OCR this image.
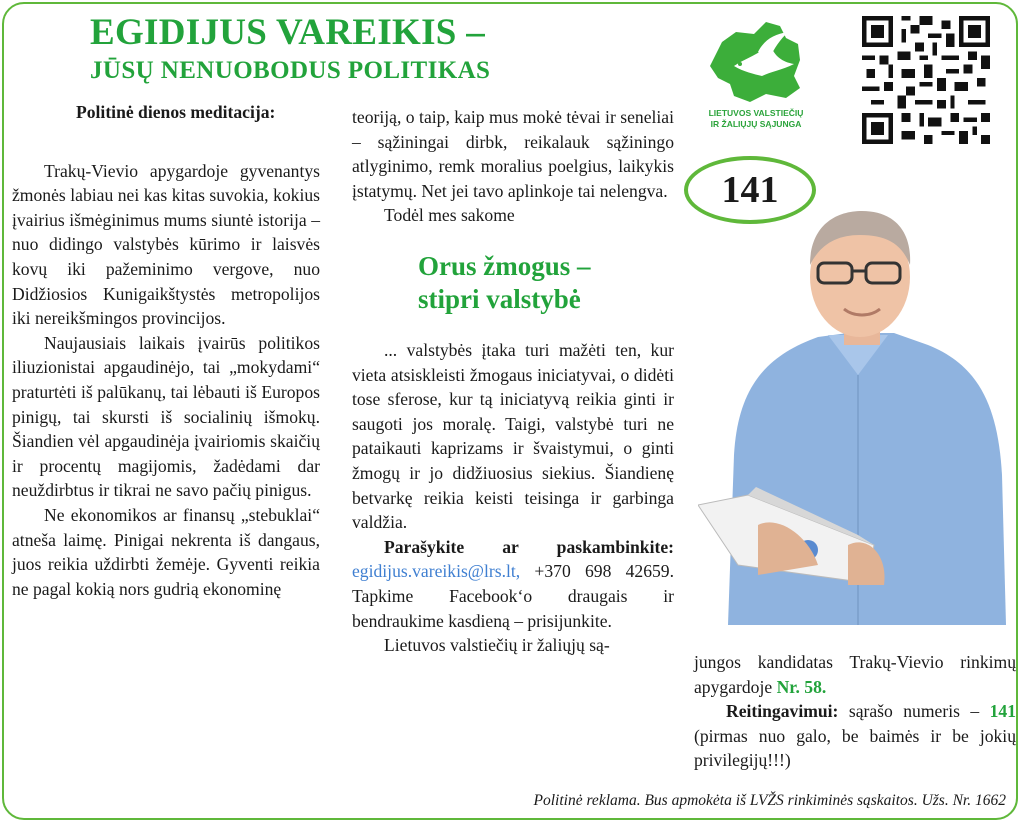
EGIDIJUS VAREIKIS –
JŪSŲ NENUOBODUS POLITIKAS
LIETUVOS VALSTIEČIŲ
IR ŽALIŲJŲ SĄJUNGA
141

Politinė dienos meditacija:

Trakų-Vievio apygardoje gyvenantys žmonės labiau nei kas kitas suvokia, kokius įvairius išmėginimus mums siuntė istorija – nuo didingo valstybės kūrimo ir laisvės kovų iki pažeminimo vergove, nuo Didžiosios Kunigaikštystės metropolijos iki nereikšmingos provincijos.

Naujausiais laikais įvairūs politikos iliuzionistai apgaudinėjo, tai „mokydami“ praturtėti iš palūkanų, tai lėbauti iš Europos pinigų, tai skursti iš socialinių išmokų. Šiandien vėl apgaudinėja įvairiomis skaičių ir procentų magijomis, žadėdami dar neuždirbtus ir tikrai ne savo pačių pinigus.

Ne ekonomikos ar finansų „stebuklai“ atneša laimę. Pinigai nekrenta iš dangaus, juos reikia uždirbti žemėje. Gyventi reikia ne pagal kokią nors gudrią ekonominę

teoriją, o taip, kaip mus mokė tėvai ir seneliai – sąžiningai dirbk, reikalauk sąžiningo atlyginimo, remk moralius poelgius, laikykis įstatymų. Net jei tavo aplinkoje tai nelengva.

Todėl mes sakome

Orus žmogus –
stipri valstybė

... valstybės įtaka turi mažėti ten, kur vieta atsiskleisti žmogaus iniciatyvai, o didėti tose sferose, kur tą iniciatyvą reikia ginti ir saugoti jos moralę. Taigi, valstybė turi ne pataikauti kaprizams ir švaistymui, o ginti žmogų ir jo didžiuosius siekius. Šiandienę betvarkę reikia keisti teisinga ir garbinga valdžia.

Parašykite ar paskambinkite: egidijus.vareikis@lrs.lt, +370 698 42659. Tapkime Facebook‘o draugais ir bendraukime kasdieną – prisijunkite.

Lietuvos valstiečių ir žaliųjų są-

jungos kandidatas Trakų-Vievio rinkimų apygardoje Nr. 58.

Reitingavimui: sąrašo numeris – 141 (pirmas nuo galo, be baimės ir be jokių privilegijų!!!)

Politinė reklama. Bus apmokėta iš LVŽS rinkiminės sąskaitos. Užs. Nr. 1662
